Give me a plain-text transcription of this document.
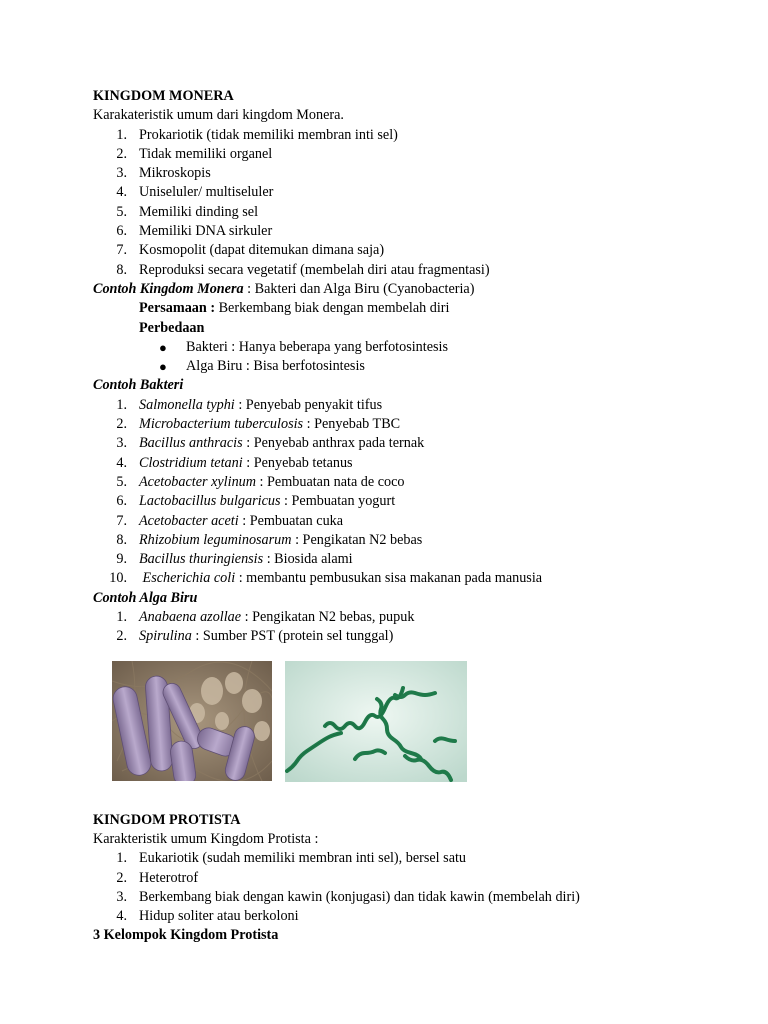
KINGDOM MONERA
Karakateristik umum dari kingdom Monera.
1. Prokariotik (tidak memiliki membran inti sel)
2. Tidak memiliki organel
3. Mikroskopis
4. Uniseluler/ multiseluler
5. Memiliki dinding sel
6. Memiliki DNA sirkuler
7. Kosmopolit (dapat ditemukan dimana saja)
8. Reproduksi secara vegetatif (membelah diri atau fragmentasi)
Contoh Kingdom Monera : Bakteri dan Alga Biru (Cyanobacteria)
Persamaan : Berkembang biak dengan membelah diri
Perbedaan
● Bakteri : Hanya beberapa yang berfotosintesis
● Alga Biru : Bisa berfotosintesis
Contoh Bakteri
1. Salmonella typhi : Penyebab penyakit tifus
2. Microbacterium tuberculosis : Penyebab TBC
3. Bacillus anthracis : Penyebab anthrax pada ternak
4. Clostridium tetani : Penyebab tetanus
5. Acetobacter xylinum : Pembuatan nata de coco
6. Lactobacillus bulgaricus : Pembuatan yogurt
7. Acetobacter aceti : Pembuatan cuka
8. Rhizobium leguminosarum : Pengikatan N2 bebas
9. Bacillus thuringiensis : Biosida alami
10. Escherichia coli : membantu pembusukan sisa makanan pada manusia
Contoh Alga Biru
1. Anabaena azollae : Pengikatan N2 bebas, pupuk
2. Spirulina : Sumber PST (protein sel tunggal)
KINGDOM PROTISTA
Karakteristik umum Kingdom Protista :
1. Eukariotik (sudah memiliki membran inti sel), bersel satu
2. Heterotrof
3. Berkembang biak dengan kawin (konjugasi) dan tidak kawin (membelah diri)
4. Hidup soliter atau berkoloni
3 Kelompok Kingdom Protista
